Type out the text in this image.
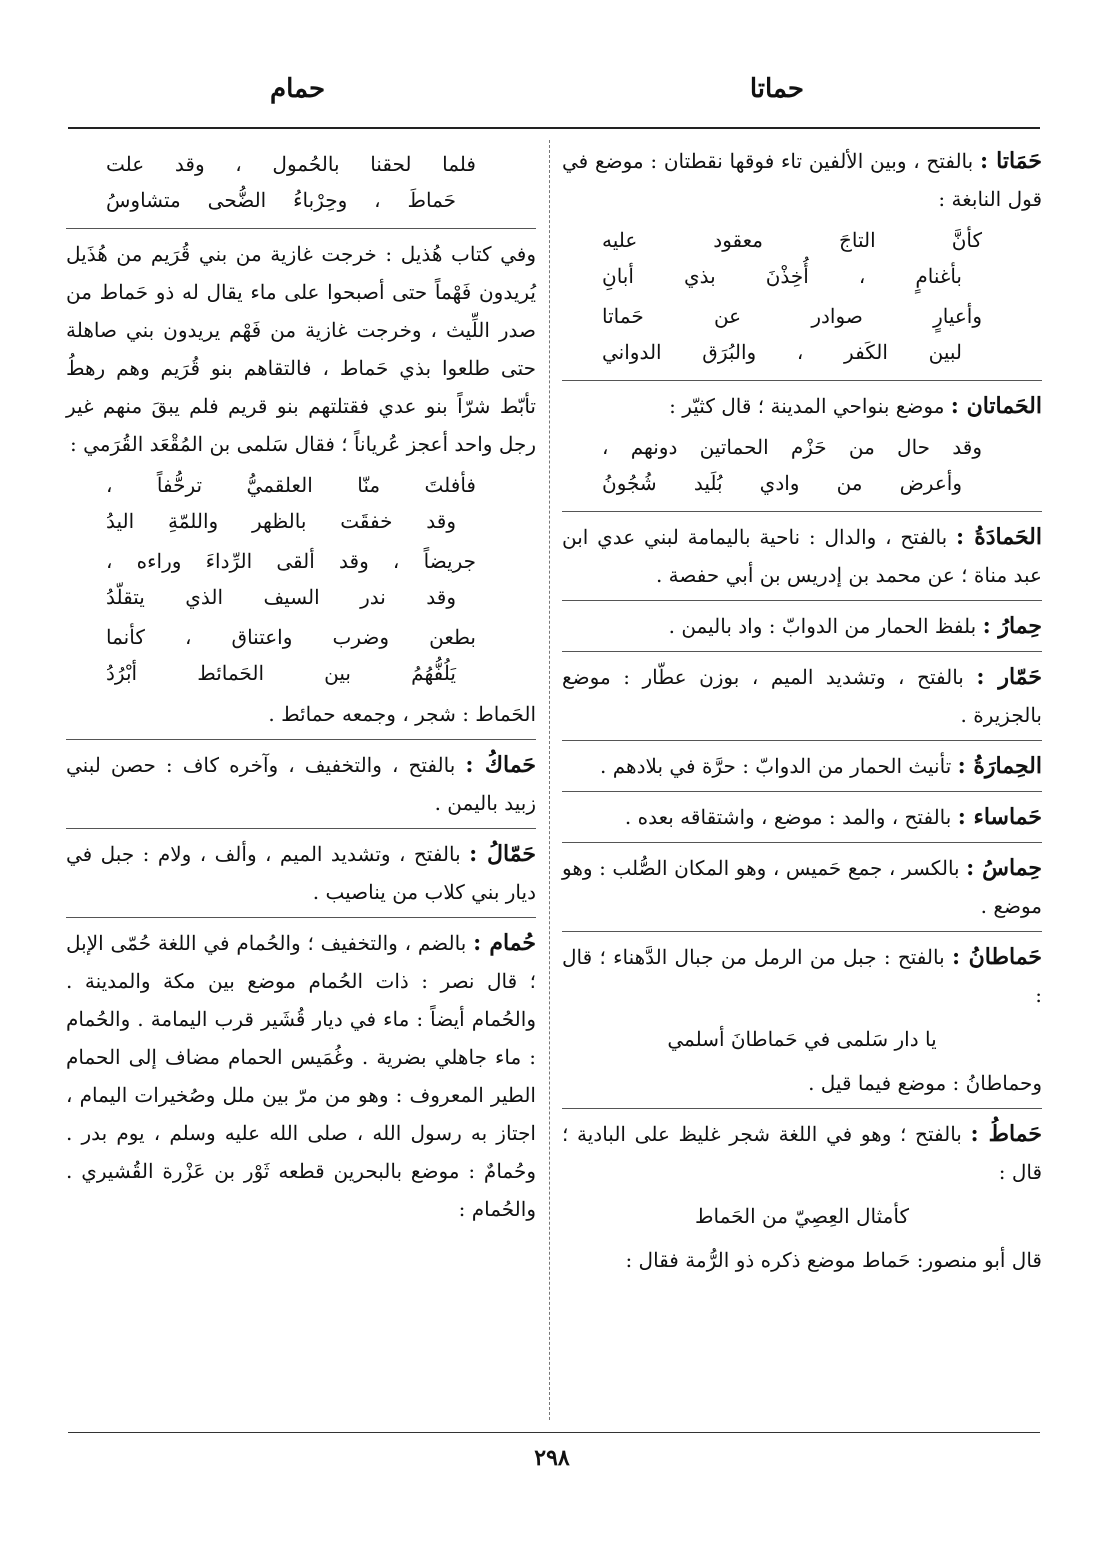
حماتا
حمام

حَمَاتا : بالفتح ، وبين الألفين تاء فوقها نقطتان : موضع في قول النابغة :

كأنَّ التاجَ معقود عليه
بأغنامٍ ، أُخِذْنَ بذي أبانِ
وأعيارٍ صوادر عن حَماتا
لبين الكَفر ، والبُرَق الدواني

الحَماتان : موضع بنواحي المدينة ؛ قال كثيّر :

وقد حال من حَزْم الحماتين دونهم ،
وأعرض من وادي بُلَيد شُجُونُ

الحَمادَةُ : بالفتح ، والدال : ناحية باليمامة لبني عدي ابن عبد مناة ؛ عن محمد بن إدريس بن أبي حفصة .

حِمارُ : بلفظ الحمار من الدوابّ : واد باليمن .

حَمّار : بالفتح ، وتشديد الميم ، بوزن عطّار : موضع بالجزيرة .

الحِمارَةُ : تأنيث الحمار من الدوابّ : حرَّة في بلادهم .

حَماساء : بالفتح ، والمد : موضع ، واشتقاقه بعده .

حِماسُ : بالكسر ، جمع حَميس ، وهو المكان الصُّلب : وهو موضع .

حَماطانُ : بالفتح : جبل من الرمل من جبال الدَّهناء ؛ قال :

يا دار سَلمى في حَماطانَ أسلمي

وحماطانُ : موضع فيما قيل .

حَماطُ : بالفتح ؛ وهو في اللغة شجر غليظ على البادية ؛ قال :

كأمثال العِصِيّ من الحَماط

قال أبو منصور: حَماط موضع ذكره ذو الرُّمة فقال :

فلما لحقنا بالحُمول ، وقد علت
حَماطَ ، وحِرْباءُ الضُّحى متشاوسُ

وفي كتاب هُذيل : خرجت غازية من بني قُرَيم من هُذَيل يُريدون فَهْماً حتى أصبحوا على ماء يقال له ذو حَماط من صدر اللِّيث ، وخرجت غازية من فَهْم يريدون بني صاهلة حتى طلعوا بذي حَماط ، فالتقاهم بنو قُرَيم وهم رهطُ تأبّط شرّاً بنو عدي فقتلتهم بنو قريم فلم يبقَ منهم غير رجل واحد أعجز عُرياناً ؛ فقال سَلمى بن المُقْعَد القُرَمي :

فأفلتَ منّا العلقميُّ ترحُّفاً ،
وقد خفقَت بالظهر واللمّةِ اليدُ
جريضاً ، وقد ألقى الرِّداءَ وراءه ،
وقد ندر السيف الذي يتقلّدُ
بطعن وضرب واعتناق ، كأنما
يَلُفُّهُمُ بين الحَمائط أبْرُدُ

الحَماط : شجر ، وجمعه حمائط .

حَماكُ : بالفتح ، والتخفيف ، وآخره كاف : حصن لبني زبيد باليمن .

حَمّالُ : بالفتح ، وتشديد الميم ، وألف ، ولام : جبل في ديار بني كلاب من يناصيب .

حُمام : بالضم ، والتخفيف ؛ والحُمام في اللغة حُمّى الإبل ؛ قال نصر : ذات الحُمام موضع بين مكة والمدينة . والحُمام أيضاً : ماء في ديار قُشَير قرب اليمامة . والحُمام : ماء جاهلي بضرية . وغُمَيس الحمام مضاف إلى الحمام الطير المعروف : وهو من مرّ بين ملل وصُخيرات اليمام ، اجتاز به رسول الله ، صلى الله عليه وسلم ، يوم بدر . وحُمامٌ : موضع بالبحرين قطعه ثَوْر بن عَزْرة القُشيري . والحُمام :

٢٩٨
